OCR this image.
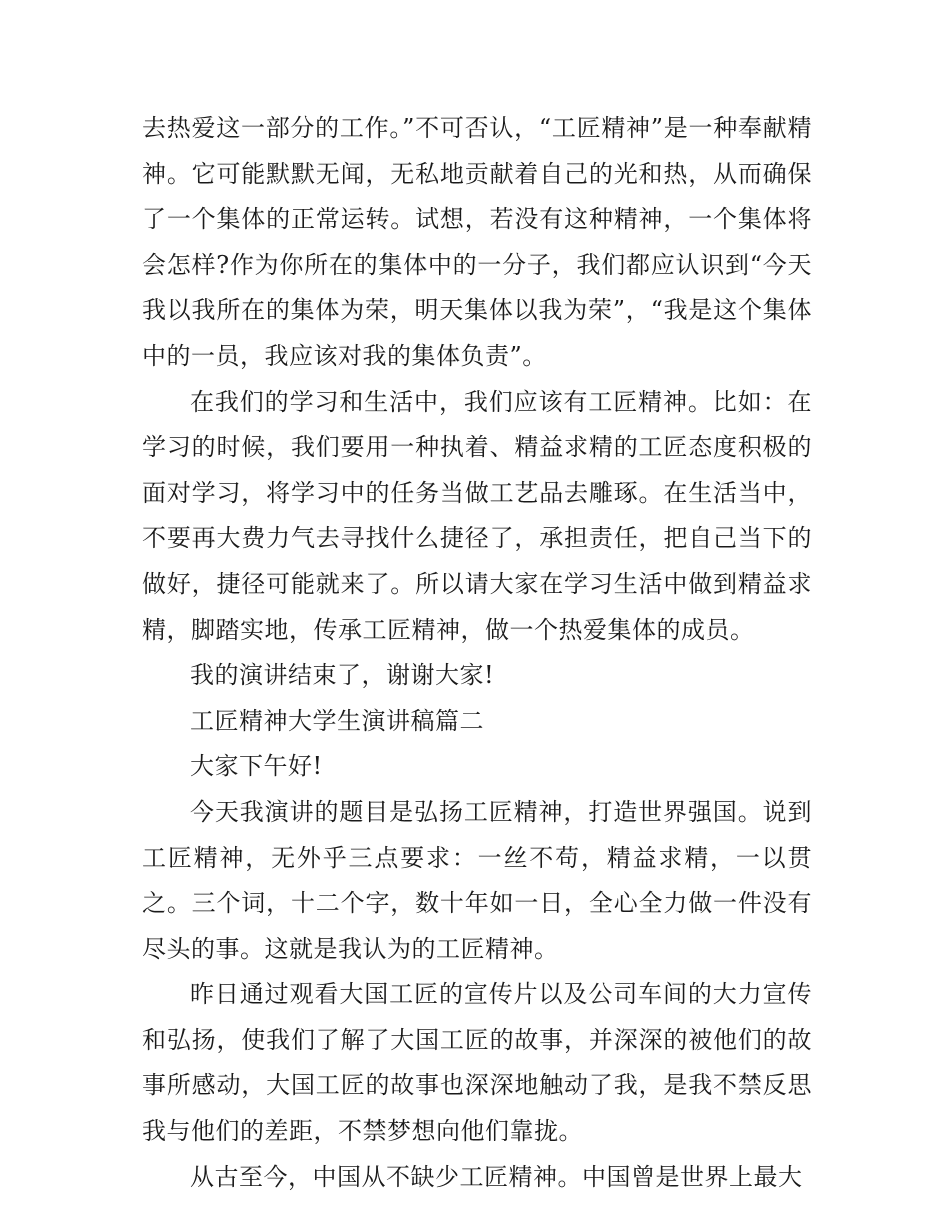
去热爱这一部分的工作。”不可否认，“工匠精神”是一种奉献精神。它可能默默无闻，无私地贡献着自己的光和热，从而确保了一个集体的正常运转。试想，若没有这种精神，一个集体将会怎样?作为你所在的集体中的一分子，我们都应认识到“今天我以我所在的集体为荣，明天集体以我为荣”，“我是这个集体中的一员，我应该对我的集体负责”。

在我们的学习和生活中，我们应该有工匠精神。比如：在学习的时候，我们要用一种执着、精益求精的工匠态度积极的面对学习，将学习中的任务当做工艺品去雕琢。在生活当中，不要再大费力气去寻找什么捷径了，承担责任，把自己当下的做好，捷径可能就来了。所以请大家在学习生活中做到精益求精，脚踏实地，传承工匠精神，做一个热爱集体的成员。

我的演讲结束了，谢谢大家!

工匠精神大学生演讲稿篇二

大家下午好!

今天我演讲的题目是弘扬工匠精神，打造世界强国。说到工匠精神，无外乎三点要求：一丝不苟，精益求精，一以贯之。三个词，十二个字，数十年如一日，全心全力做一件没有尽头的事。这就是我认为的工匠精神。

昨日通过观看大国工匠的宣传片以及公司车间的大力宣传和弘扬，使我们了解了大国工匠的故事，并深深的被他们的故事所感动，大国工匠的故事也深深地触动了我，是我不禁反思我与他们的差距，不禁梦想向他们靠拢。

从古至今，中国从不缺少工匠精神。中国曾是世界上最大
